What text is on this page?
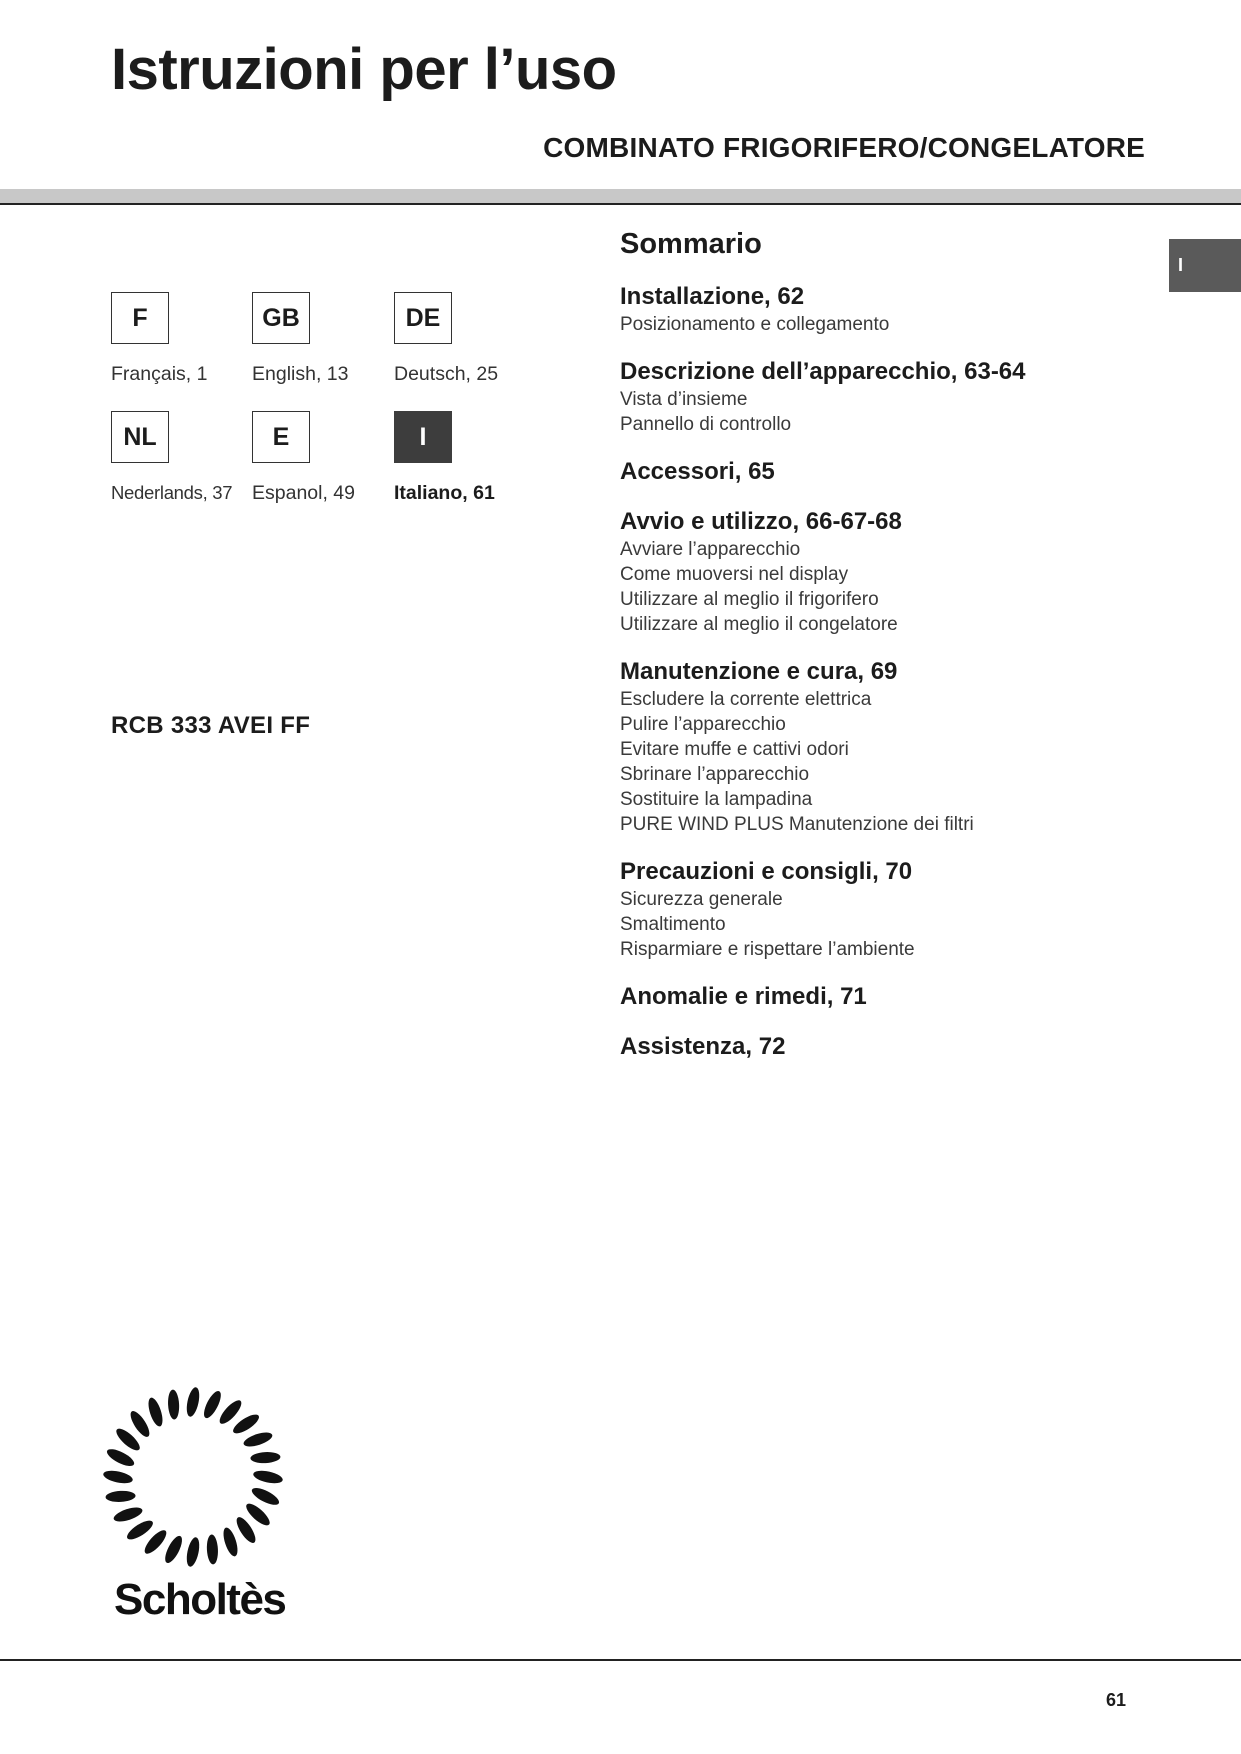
Istruzioni per l’uso
COMBINATO FRIGORIFERO/CONGELATORE
F
Français, 1
GB
English, 13
DE
Deutsch, 25
NL
Nederlands, 37
E
Espanol, 49
I
Italiano, 61
RCB 333 AVEI FF
Sommario
Installazione, 62
Posizionamento e collegamento
Descrizione dell’apparecchio, 63-64
Vista d’insieme
Pannello di controllo
Accessori, 65
Avvio e utilizzo, 66-67-68
Avviare l’apparecchio
Come muoversi nel display
Utilizzare al meglio il frigorifero
Utilizzare al meglio il congelatore
Manutenzione e cura, 69
Escludere la corrente elettrica
Pulire l’apparecchio
Evitare muffe e cattivi odori
Sbrinare l’apparecchio
Sostituire la lampadina
PURE WIND PLUS Manutenzione dei filtri
Precauzioni e consigli, 70
Sicurezza generale
Smaltimento
Risparmiare e rispettare l’ambiente
Anomalie e rimedi, 71
Assistenza, 72
I
Scholtès
61
